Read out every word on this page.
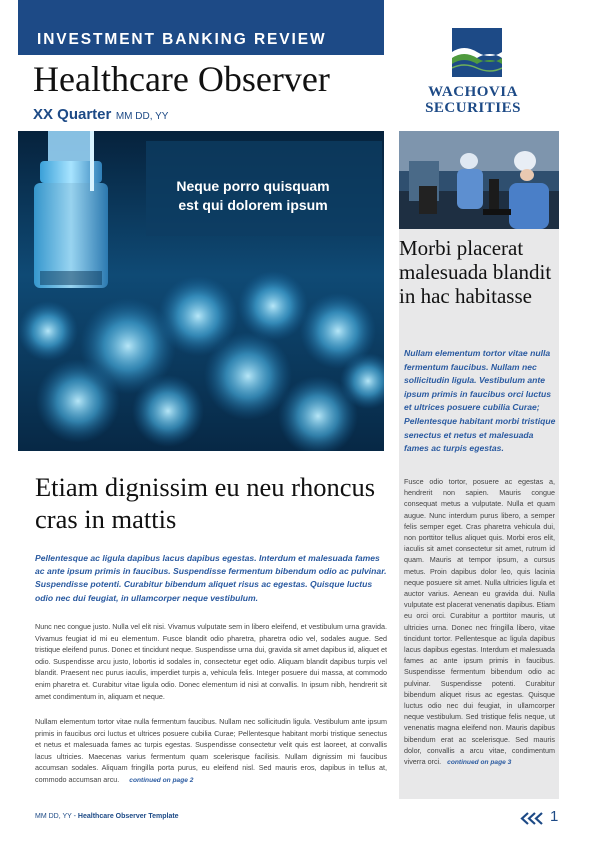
INVESTMENT BANKING REVIEW
Healthcare Observer
XX Quarter MM DD, YY
WACHOVIA
SECURITIES
Neque porro quisquam
est qui dolorem ipsum
Morbi placerat malesuada blandit in hac habitasse
Nullam elementum tortor vitae nulla fermentum faucibus. Nullam nec sollicitudin ligula. Vestibulum ante ipsum primis in faucibus orci luctus et ultrices posuere cubilia Curae; Pellentesque habitant morbi tristique senectus et netus et malesuada fames ac turpis egestas.
Fusce odio tortor, posuere ac egestas a, hendrerit non sapien. Mauris congue consequat metus a vulputate. Nulla et quam augue. Nunc interdum purus libero, a semper felis semper eget. Cras pharetra vehicula dui, non porttitor tellus aliquet quis. Morbi eros elit, iaculis sit amet consectetur sit amet, rutrum id quam. Mauris at tempor ipsum, a cursus metus. Proin dapibus dolor leo, quis lacinia neque posuere sit amet. Nulla ultricies ligula et auctor varius. Aenean eu gravida dui. Nulla vulputate est placerat venenatis dapibus. Etiam eu orci orci. Curabitur a porttitor mauris, ut ultricies urna. Donec nec fringilla libero, vitae tincidunt tortor. Pellentesque ac ligula dapibus lacus dapibus egestas. Interdum et malesuada fames ac ante ipsum primis in faucibus. Suspendisse fermentum bibendum odio ac pulvinar. Suspendisse potenti. Curabitur bibendum aliquet risus ac egestas. Quisque luctus odio nec dui feugiat, in ullamcorper neque vestibulum. Sed tristique felis neque, ut venenatis magna eleifend non. Mauris dapibus bibendum erat ac scelerisque. Sed mauris dolor, convallis a arcu vitae, condimentum viverra orci. continued on page 3
Etiam dignissim eu neu rhoncus cras in mattis
Pellentesque ac ligula dapibus lacus dapibus egestas. Interdum et malesuada fames ac ante ipsum primis in faucibus. Suspendisse fermentum bibendum odio ac pulvinar. Suspendisse potenti. Curabitur bibendum aliquet risus ac egestas. Quisque luctus odio nec dui feugiat, in ullamcorper neque vestibulum.
Nunc nec congue justo. Nulla vel elit nisi. Vivamus vulputate sem in libero eleifend, et vestibulum urna gravida. Vivamus feugiat id mi eu elementum. Fusce blandit odio pharetra, pharetra odio vel, sodales augue. Sed tristique eleifend purus. Donec et tincidunt neque. Suspendisse urna dui, gravida sit amet dapibus id, aliquet et odio. Suspendisse arcu justo, lobortis id sodales in, consectetur eget odio. Aliquam blandit dapibus turpis vel blandit. Praesent nec purus iaculis, imperdiet turpis a, vehicula felis. Integer posuere dui massa, at commodo enim pharetra et. Curabitur vitae ligula odio. Donec elementum id nisi at convallis. In ipsum nibh, hendrerit sit amet condimentum in, aliquam et neque.
Nullam elementum tortor vitae nulla fermentum faucibus. Nullam nec sollicitudin ligula. Vestibulum ante ipsum primis in faucibus orci luctus et ultrices posuere cubilia Curae; Pellentesque habitant morbi tristique senectus et netus et malesuada fames ac turpis egestas. Suspendisse consectetur velit quis est laoreet, at convallis lacus ultricies. Maecenas varius fermentum quam scelerisque facilisis. Nullam dignissim mi faucibus accumsan sodales. Aliquam fringilla porta purus, eu eleifend nisl. Sed mauris eros, dapibus in tellus at, commodo accumsan arcu. continued on page 2
MM DD, YY - Healthcare Observer Template	1
